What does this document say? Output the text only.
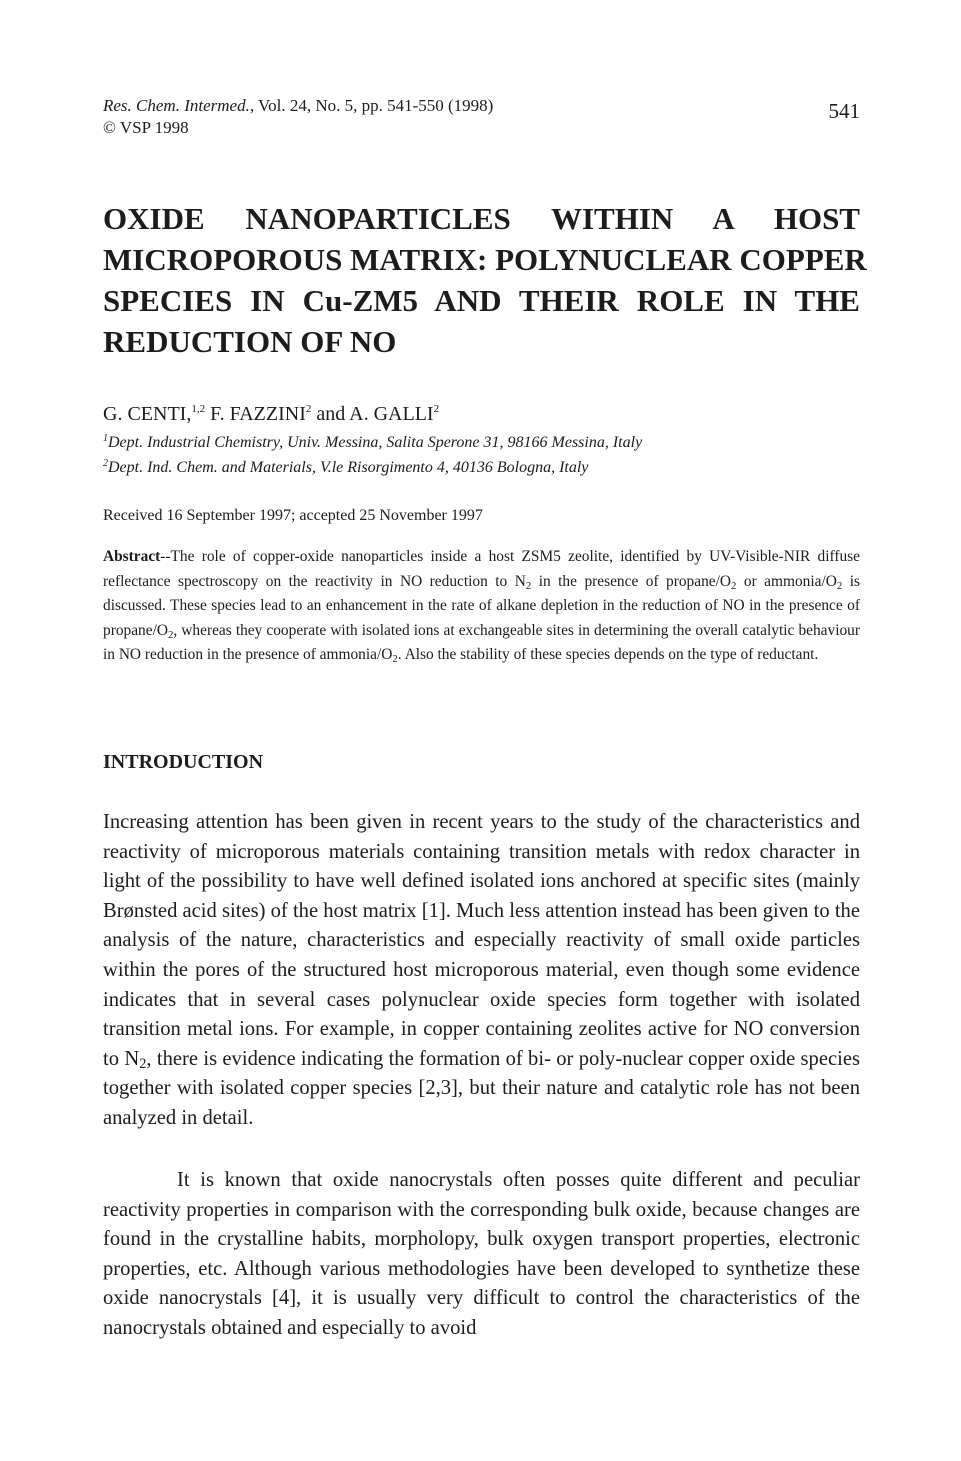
Res. Chem. Intermed., Vol. 24, No. 5, pp. 541-550 (1998)
© VSP 1998
541
OXIDE NANOPARTICLES WITHIN A HOST
MICROPOROUS MATRIX: POLYNUCLEAR COPPER
SPECIES IN Cu-ZM5 AND THEIR ROLE IN THE
REDUCTION OF NO
G. CENTI,$^{1,2}$ F. FAZZINI$^2$ and A. GALLI$^2$
$^1$Dept. Industrial Chemistry, Univ. Messina, Salita Sperone 31, 98166 Messina, Italy
$^2$Dept. Ind. Chem. and Materials, V.le Risorgimento 4, 40136 Bologna, Italy
Received 16 September 1997; accepted 25 November 1997

Abstract--The role of copper-oxide nanoparticles inside a host ZSM5 zeolite, identified by UV-Visible-NIR diffuse reflectance spectroscopy on the reactivity in NO reduction to $N_2$ in the presence of propane/$O_2$ or ammonia/$O_2$ is discussed. These species lead to an enhancement in the rate of alkane depletion in the reduction of NO in the presence of propane/$O_2$, whereas they cooperate with isolated ions at exchangeable sites in determining the overall catalytic behaviour in NO reduction in the presence of ammonia/$O_2$. Also the stability of these species depends on the type of reductant.

INTRODUCTION

Increasing attention has been given in recent years to the study of the characteristics and reactivity of microporous materials containing transition metals with redox character in light of the possibility to have well defined isolated ions anchored at specific sites (mainly Brønsted acid sites) of the host matrix [1]. Much less attention instead has been given to the analysis of the nature, characteristics and especially reactivity of small oxide particles within the pores of the structured host microporous material, even though some evidence indicates that in several cases polynuclear oxide species form together with isolated transition metal ions. For example, in copper containing zeolites active for NO conversion to $N_2$, there is evidence indicating the formation of bi- or poly-nuclear copper oxide species together with isolated copper species [2,3], but their nature and catalytic role has not been analyzed in detail.

It is known that oxide nanocrystals often posses quite different and peculiar reactivity properties in comparison with the corresponding bulk oxide, because changes are found in the crystalline habits, morpholopy, bulk oxygen transport properties, electronic properties, etc. Although various methodologies have been developed to synthetize these oxide nanocrystals [4], it is usually very difficult to control the characteristics of the nanocrystals obtained and especially to avoid
